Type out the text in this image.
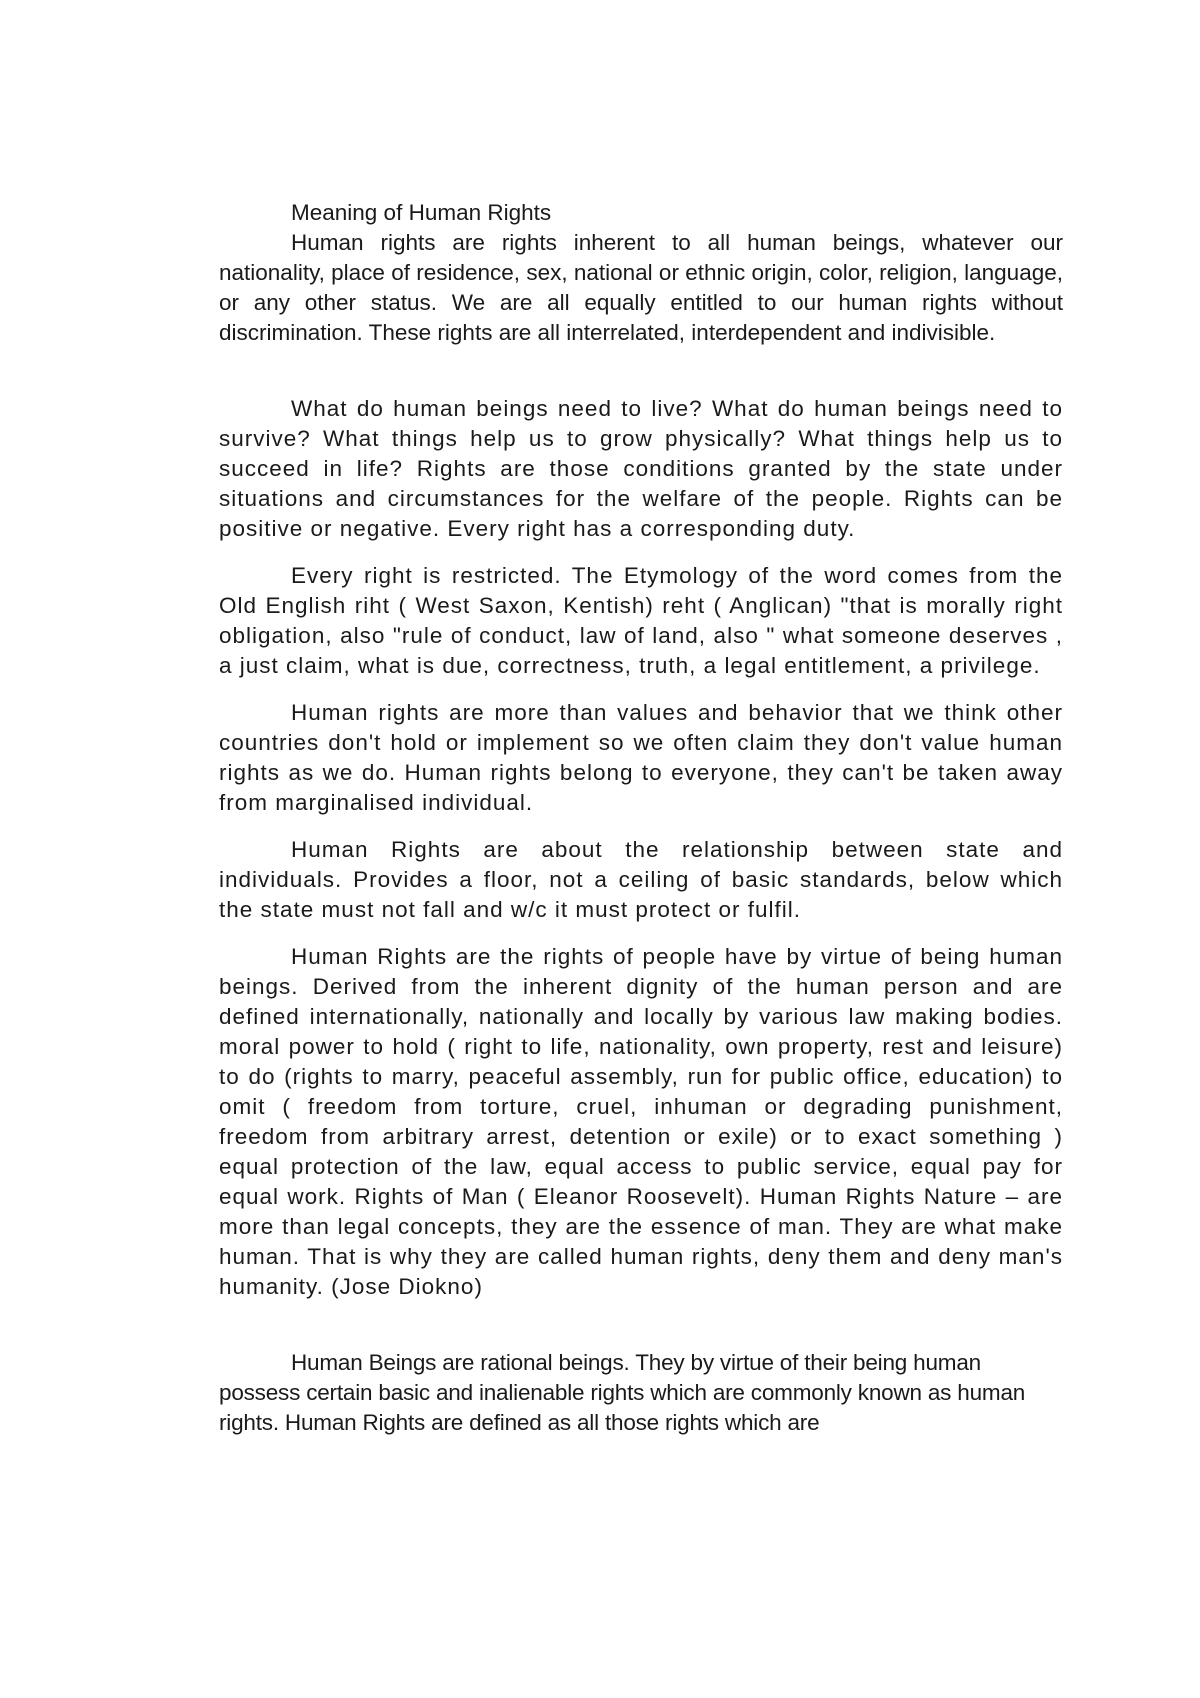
Meaning of Human Rights

Human rights are rights inherent to all human beings, whatever our nationality, place of residence, sex, national or ethnic origin, color, religion, language, or any other status. We are all equally entitled to our human rights without discrimination. These rights are all interrelated, interdependent and indivisible.

What do human beings need to live? What do human beings need to survive? What things help us to grow physically? What things help us to succeed in life? Rights are those conditions granted by the state under situations and circumstances for the welfare of the people. Rights can be positive or negative. Every right has a corresponding duty.

Every right is restricted. The Etymology of the word comes from the Old English riht ( West Saxon, Kentish) reht ( Anglican) "that is morally right obligation, also "rule of conduct, law of land, also " what someone deserves , a just claim, what is due, correctness, truth, a legal entitlement, a privilege.

Human rights are more than values and behavior that we think other countries don't hold or implement so we often claim they don't value human rights as we do. Human rights belong to everyone, they can't be taken away from marginalised individual.

Human Rights are about the relationship between state and individuals. Provides a floor, not a ceiling of basic standards, below which the state must not fall and w/c it must protect or fulfil.

Human Rights are the rights of people have by virtue of being human beings. Derived from the inherent dignity of the human person and are defined internationally, nationally and locally by various law making bodies. moral power to hold ( right to life, nationality, own property, rest and leisure) to do (rights to marry, peaceful assembly, run for public office, education) to omit ( freedom from torture, cruel, inhuman or degrading punishment, freedom from arbitrary arrest, detention or exile) or to exact something ) equal protection of the law, equal access to public service, equal pay for equal work. Rights of Man ( Eleanor Roosevelt). Human Rights Nature – are more than legal concepts, they are the essence of man. They are what make human. That is why they are called human rights, deny them and deny man's humanity. (Jose Diokno)

Human Beings are rational beings. They by virtue of their being human possess certain basic and inalienable rights which are commonly known as human rights. Human Rights are defined as all those rights which are
